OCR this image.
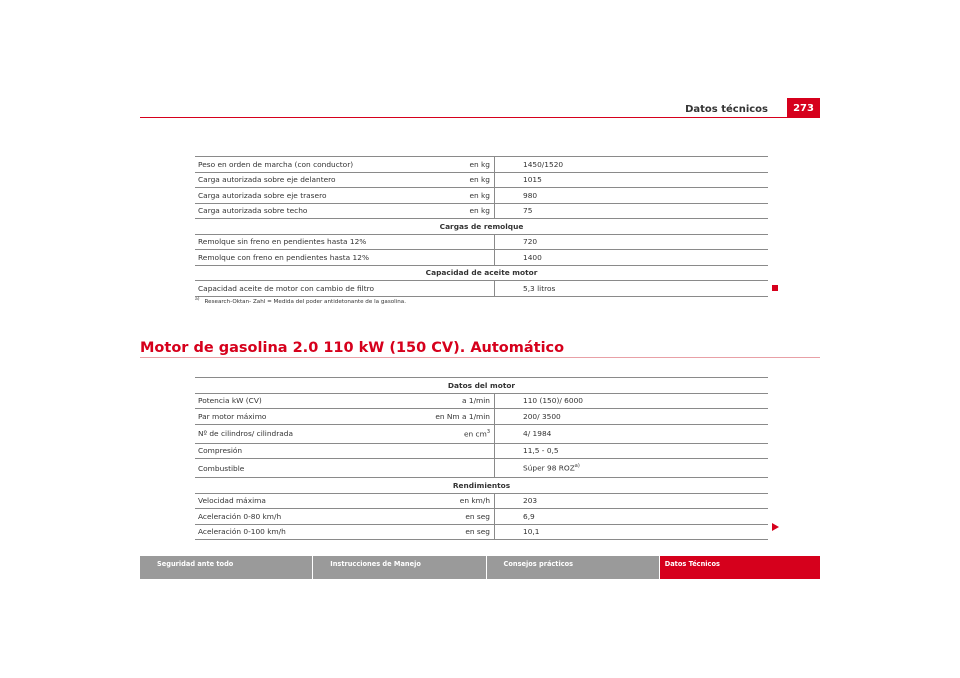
Datos técnicos	273
Peso en orden de marcha (con conductor)	en kg	1450/1520
Carga autorizada sobre eje delantero	en kg	1015
Carga autorizada sobre eje trasero	en kg	980
Carga autorizada sobre techo	en kg	75
Cargas de remolque		
Remolque sin freno en pendientes hasta 12%		720
Remolque con freno en pendientes hasta 12%		1400
Capacidad de aceite motor		
Capacidad aceite de motor con cambio de filtro		5,3 litros
$^{a)}$ Research-Oktan- Zahl = Medida del poder antidetonante de la gasolina.
Motor de gasolina 2.0 110 kW (150 CV). Automático
Datos del motor		
Potencia kW (CV)	a 1/min	110 (150)/ 6000
Par motor máximo	en Nm a 1/min	200/ 3500
Nº de cilindros/ cilindrada	en $cm^3$	4/ 1984
Compresión		11,5 - 0,5
Combustible		Súper 98 ROZ$^{a)}$
Rendimientos		
Velocidad máxima	en km/h	203
Aceleración 0-80 km/h	en seg	6,9
Aceleración 0-100 km/h	en seg	10,1
Seguridad ante todo	Instrucciones de Manejo	Consejos prácticos	Datos Técnicos
